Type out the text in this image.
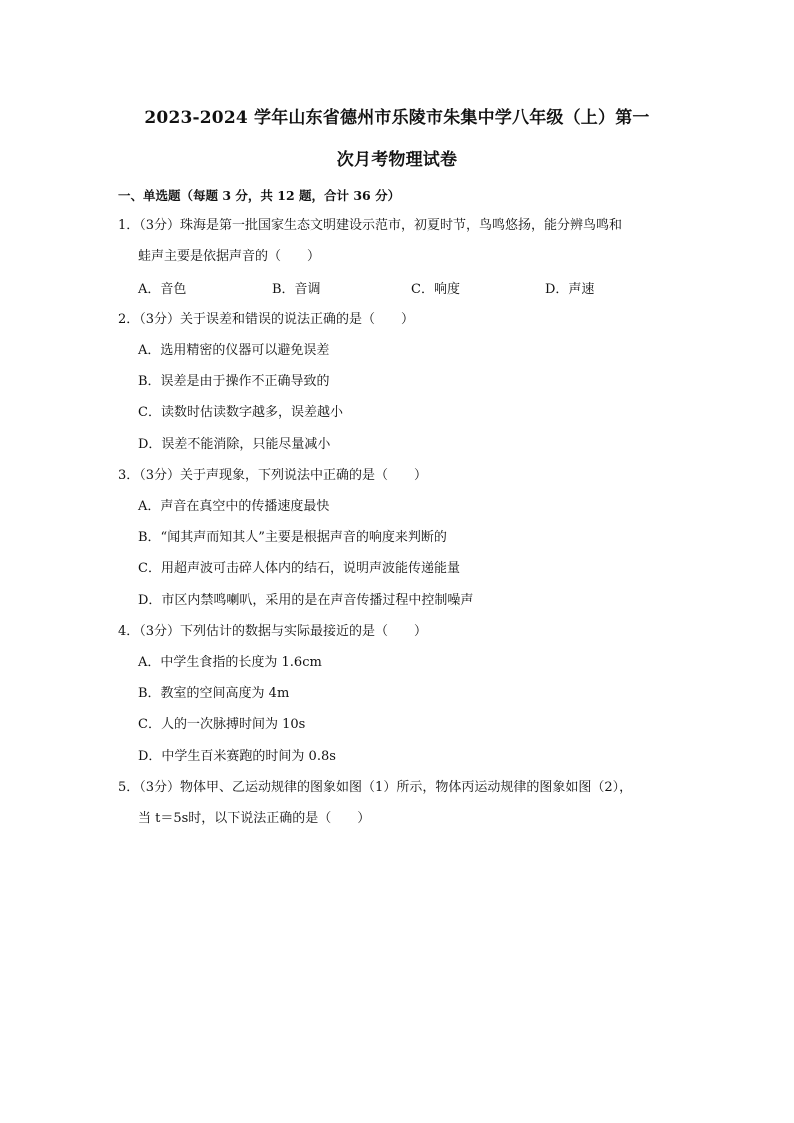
2023-2024 学年山东省德州市乐陵市朱集中学八年级（上）第一
次月考物理试卷
一、单选题（每题 3 分，共 12 题，合计 36 分）
1．（3分）珠海是第一批国家生态文明建设示范市，初夏时节，鸟鸣悠扬，能分辨鸟鸣和
蛙声主要是依据声音的（　　）
A．音色	B．音调	C．响度	D．声速
2．（3分）关于误差和错误的说法正确的是（　　）
A．选用精密的仪器可以避免误差
B．误差是由于操作不正确导致的
C．读数时估读数字越多，误差越小
D．误差不能消除，只能尽量减小
3．（3分）关于声现象，下列说法中正确的是（　　）
A．声音在真空中的传播速度最快
B．“闻其声而知其人”主要是根据声音的响度来判断的
C．用超声波可击碎人体内的结石，说明声波能传递能量
D．市区内禁鸣喇叭，采用的是在声音传播过程中控制噪声
4．（3分）下列估计的数据与实际最接近的是（　　）
A．中学生食指的长度为 1.6cm
B．教室的空间高度为 4m
C．人的一次脉搏时间为 10s
D．中学生百米赛跑的时间为 0.8s
5．（3分）物体甲、乙运动规律的图象如图（1）所示，物体丙运动规律的图象如图（2），
当 t＝5s时，以下说法正确的是（　　）
